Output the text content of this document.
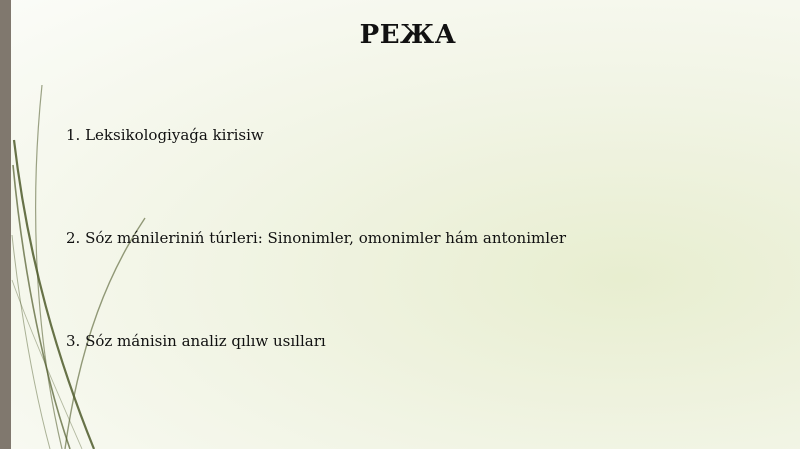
РЕЖА
1. Leksikologiyaǵa kirisiw
2. Sóz mánileriniń túrleri: Sinonimler, omonimler hám antonimler
3. Sóz mánisin analiz qılıw usılları
